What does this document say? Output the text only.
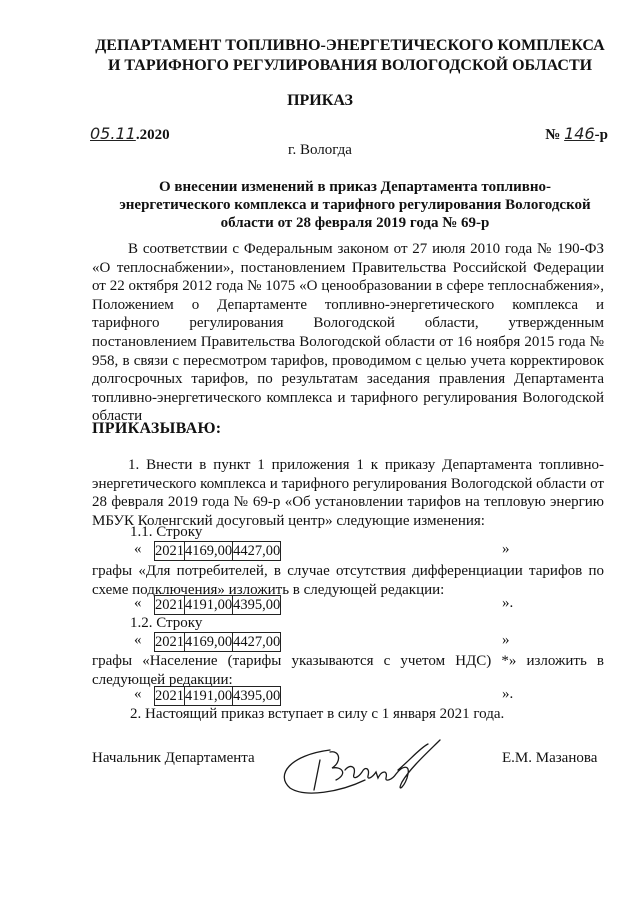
ДЕПАРТАМЕНТ ТОПЛИВНО-ЭНЕРГЕТИЧЕСКОГО КОМПЛЕКСА
И ТАРИФНОГО РЕГУЛИРОВАНИЯ ВОЛОГОДСКОЙ ОБЛАСТИ
ПРИКАЗ
05.11.2020	№ 146-р
г. Вологда
О внесении изменений в приказ Департамента топливно-
энергетического комплекса и тарифного регулирования Вологодской
области от 28 февраля 2019 года № 69-р
В соответствии с Федеральным законом от 27 июля 2010 года № 190-ФЗ «О теплоснабжении», постановлением Правительства Российской Федерации от 22 октября 2012 года № 1075 «О ценообразовании в сфере теплоснабжения», Положением о Департаменте топливно-энергетического комплекса и тарифного регулирования Вологодской области, утвержденным постановлением Правительства Вологодской области от 16 ноября 2015 года № 958, в связи с пересмотром тарифов, проводимом с целью учета корректировок долгосрочных тарифов, по результатам заседания правления Департамента топливно-энергетического комплекса и тарифного регулирования Вологодской области
ПРИКАЗЫВАЮ:
1. Внести в пункт 1 приложения 1 к приказу Департамента топливно-энергетического комплекса и тарифного регулирования Вологодской области от 28 февраля 2019 года № 69-р «Об установлении тарифов на тепловую энергию МБУК Коленгский досуговый центр» следующие изменения:
1.1. Строку
« 2021	4169,00	4427,00	»
графы «Для потребителей, в случае отсутствия дифференциации тарифов по схеме подключения» изложить в следующей редакции:
« 2021	4191,00	4395,00	».
1.2. Строку
« 2021	4169,00	4427,00	»
графы «Население (тарифы указываются с учетом НДС) *» изложить в следующей редакции:
« 2021	4191,00	4395,00	».
2. Настоящий приказ вступает в силу с 1 января 2021 года.
Начальник Департамента	Е.М. Мазанова
